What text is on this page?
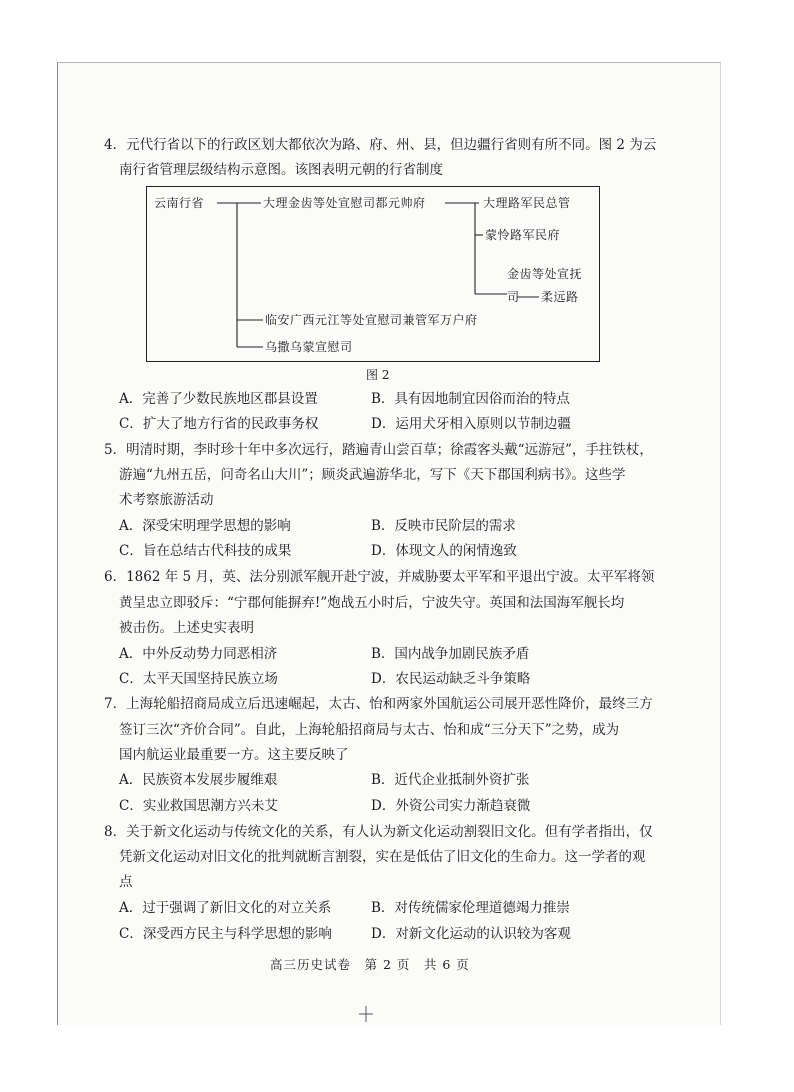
4．元代行省以下的行政区划大都依次为路、府、州、县，但边疆行省则有所不同。图 2 为云
南行省管理层级结构示意图。该图表明元朝的行省制度
云南行省	大理金齿等处宣慰司都元帅府	大理路军民总管
蒙怜路军民府
金齿等处宣抚
司 柔远路
临安广西元江等处宣慰司兼管军万户府
乌撒乌蒙宣慰司
图 2
A．完善了少数民族地区郡县设置	B．具有因地制宜因俗而治的特点
C．扩大了地方行省的民政事务权	D．运用犬牙相入原则以节制边疆
5．明清时期，李时珍十年中多次远行，踏遍青山尝百草；徐霞客头戴“远游冠”，手拄铁杖，
游遍“九州五岳，问奇名山大川”；顾炎武遍游华北，写下《天下郡国利病书》。这些学
术考察旅游活动
A．深受宋明理学思想的影响	B．反映市民阶层的需求
C．旨在总结古代科技的成果	D．体现文人的闲情逸致
6．1862 年 5 月，英、法分别派军舰开赴宁波，并威胁要太平军和平退出宁波。太平军将领
黄呈忠立即驳斥：“宁郡何能摒弃!”炮战五小时后，宁波失守。英国和法国海军舰长均
被击伤。上述史实表明
A．中外反动势力同恶相济	B．国内战争加剧民族矛盾
C．太平天国坚持民族立场	D．农民运动缺乏斗争策略
7．上海轮船招商局成立后迅速崛起，太古、怡和两家外国航运公司展开恶性降价，最终三方
签订三次“齐价合同”。自此，上海轮船招商局与太古、怡和成“三分天下”之势，成为
国内航运业最重要一方。这主要反映了
A．民族资本发展步履维艰	B．近代企业抵制外资扩张
C．实业救国思潮方兴未艾	D．外资公司实力渐趋衰微
8．关于新文化运动与传统文化的关系，有人认为新文化运动割裂旧文化。但有学者指出，仅
凭新文化运动对旧文化的批判就断言割裂，实在是低估了旧文化的生命力。这一学者的观
点
A．过于强调了新旧文化的对立关系	B．对传统儒家伦理道德竭力推崇
C．深受西方民主与科学思想的影响	D．对新文化运动的认识较为客观
高三历史试卷　第 2 页　共 6 页
